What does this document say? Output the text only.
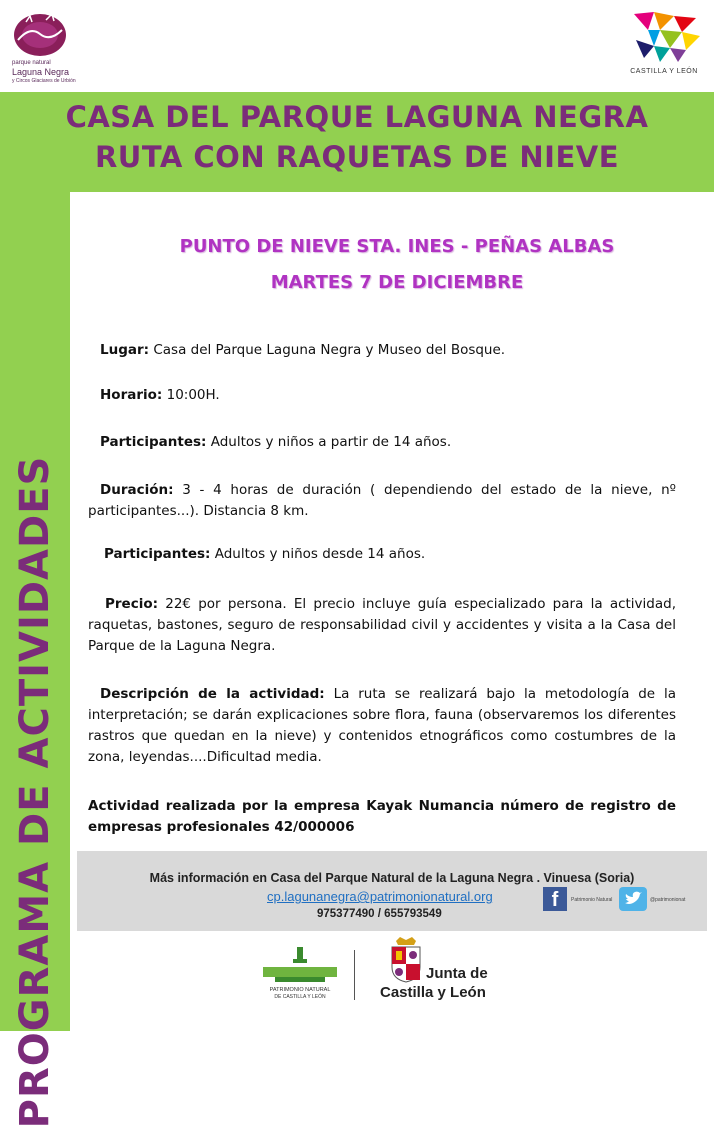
parque natural
Laguna Negra
y Circos Glaciares de Urbión
CASTILLA Y LEÓN
CASA DEL PARQUE LAGUNA NEGRA
RUTA CON RAQUETAS DE NIEVE
PROGRAMA DE ACTIVIDADES
PUNTO DE NIEVE STA. INES - PEÑAS ALBAS
MARTES 7 DE DICIEMBRE
Lugar: Casa del Parque Laguna Negra y Museo del Bosque.
Horario: 10:00H.
Participantes: Adultos y niños a partir de 14 años.
Duración: 3 - 4 horas de duración ( dependiendo del estado de la nieve, nº participantes...). Distancia 8 km.
Participantes: Adultos y niños desde 14 años.
Precio: 22€ por persona. El precio incluye guía especializado para la actividad, raquetas, bastones, seguro de responsabilidad civil y accidentes y visita a la Casa del Parque de la Laguna Negra.
Descripción de la actividad: La ruta se realizará bajo la metodología de la interpretación; se darán explicaciones sobre flora, fauna (observaremos los diferentes rastros que quedan en la nieve) y contenidos etnográficos como costumbres de la zona, leyendas....Dificultad media.
Actividad realizada por la empresa Kayak Numancia número de registro de empresas profesionales 42/000006
Más información en Casa del Parque Natural de la Laguna Negra . Vinuesa (Soria)
cp.lagunanegra@patrimonionatural.org
975377490 / 655793549
f	Patrimonio Natural	@patrimonionat
PATRIMONIO NATURAL
DE CASTILLA Y LEÓN
Junta de
Castilla y León
